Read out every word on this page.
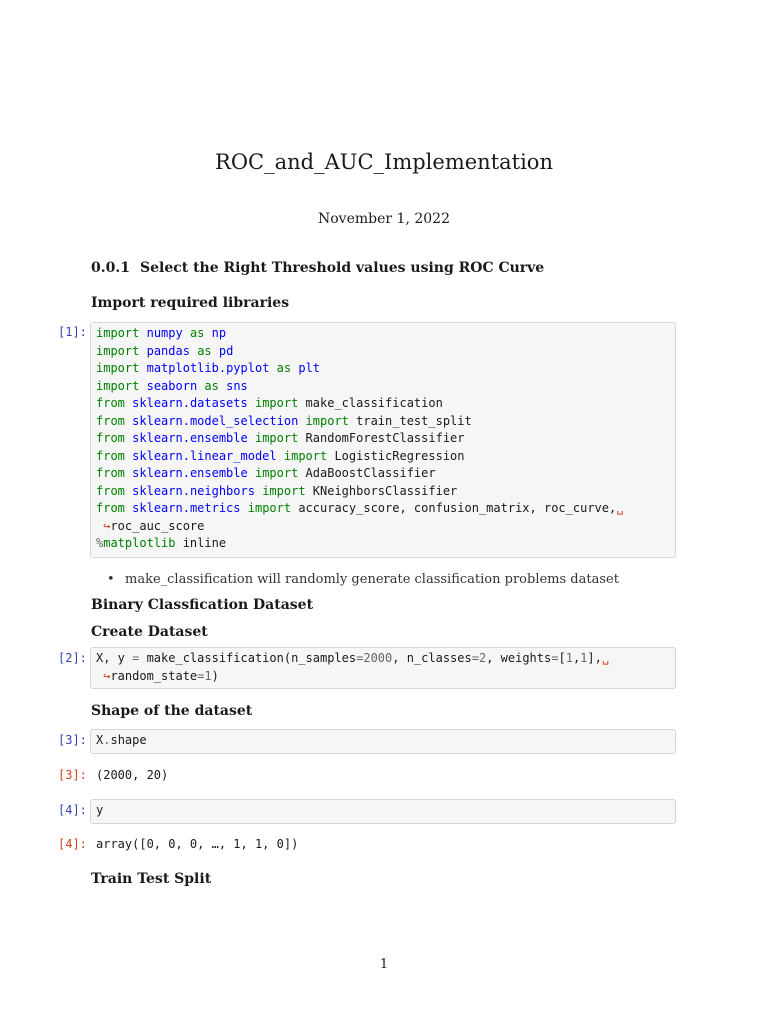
ROC_and_AUC_Implementation
November 1, 2022
0.0.1 Select the Right Threshold values using ROC Curve
Import required libraries
[1]: import numpy as np
import pandas as pd
import matplotlib.pyplot as plt
import seaborn as sns
from sklearn.datasets import make_classification
from sklearn.model_selection import train_test_split
from sklearn.ensemble import RandomForestClassifier
from sklearn.linear_model import LogisticRegression
from sklearn.ensemble import AdaBoostClassifier
from sklearn.neighbors import KNeighborsClassifier
from sklearn.metrics import accuracy_score, confusion_matrix, roc_curve,␣
↪roc_auc_score
%matplotlib inline
• make_classification will randomly generate classification problems dataset
Binary Classfication Dataset
Create Dataset
[2]: X, y = make_classification(n_samples=2000, n_classes=2, weights=[1,1],␣
↪random_state=1)
Shape of the dataset
[3]: X.shape
[3]: (2000, 20)
[4]: y
[4]: array([0, 0, 0, …, 1, 1, 0])
Train Test Split
1
